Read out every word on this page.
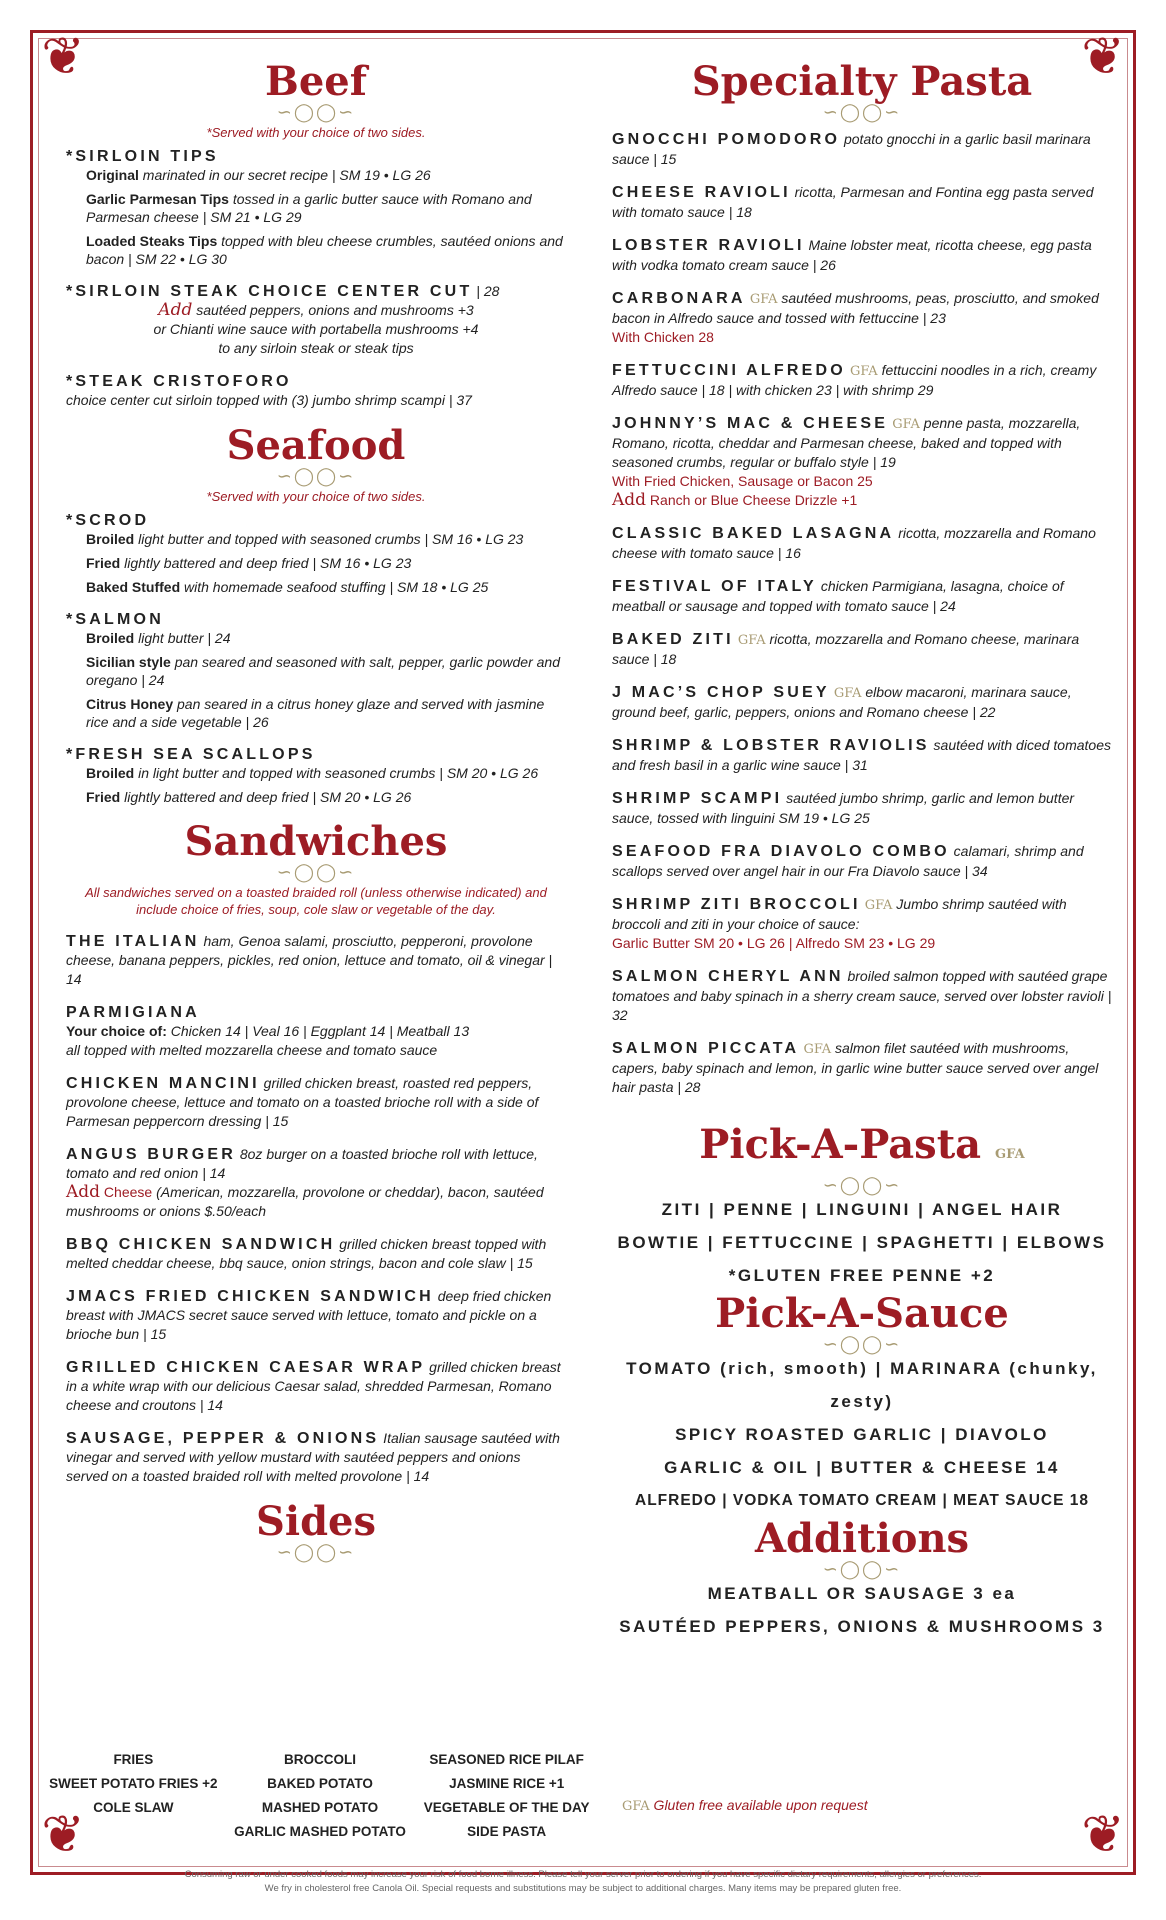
❦	❦
❦	❦
Beef
∽◯◯∽
*Served with your choice of two sides.
*SIRLOIN TIPS
Original marinated in our secret recipe | SM 19 • LG 26
Garlic Parmesan Tips tossed in a garlic butter sauce with Romano and Parmesan cheese | SM 21 • LG 29
Loaded Steaks Tips topped with bleu cheese crumbles, sautéed onions and bacon | SM 22 • LG 30
*SIRLOIN STEAK CHOICE CENTER CUT | 28
Add sautéed peppers, onions and mushrooms +3
or Chianti wine sauce with portabella mushrooms +4
to any sirloin steak or steak tips
*STEAK CRISTOFORO
choice center cut sirloin topped with (3) jumbo shrimp scampi | 37
Seafood
∽◯◯∽
*Served with your choice of two sides.
*SCROD
Broiled light butter and topped with seasoned crumbs | SM 16 • LG 23
Fried lightly battered and deep fried | SM 16 • LG 23
Baked Stuffed with homemade seafood stuffing | SM 18 • LG 25
*SALMON
Broiled light butter | 24
Sicilian style pan seared and seasoned with salt, pepper, garlic powder and oregano | 24
Citrus Honey pan seared in a citrus honey glaze and served with jasmine rice and a side vegetable | 26
*FRESH SEA SCALLOPS
Broiled in light butter and topped with seasoned crumbs | SM 20 • LG 26
Fried lightly battered and deep fried | SM 20 • LG 26
Sandwiches
∽◯◯∽
All sandwiches served on a toasted braided roll (unless otherwise indicated) and include choice of fries, soup, cole slaw or vegetable of the day.
THE ITALIAN ham, Genoa salami, prosciutto, pepperoni, provolone cheese, banana peppers, pickles, red onion, lettuce and tomato, oil & vinegar | 14
PARMIGIANA
Your choice of: Chicken 14 | Veal 16 | Eggplant 14 | Meatball 13
all topped with melted mozzarella cheese and tomato sauce
CHICKEN MANCINI grilled chicken breast, roasted red peppers, provolone cheese, lettuce and tomato on a toasted brioche roll with a side of Parmesan peppercorn dressing | 15
ANGUS BURGER 8oz burger on a toasted brioche roll with lettuce, tomato and red onion | 14
Add Cheese (American, mozzarella, provolone or cheddar), bacon, sautéed mushrooms or onions $.50/each
BBQ CHICKEN SANDWICH grilled chicken breast topped with melted cheddar cheese, bbq sauce, onion strings, bacon and cole slaw | 15
JMACS FRIED CHICKEN SANDWICH deep fried chicken breast with JMACS secret sauce served with lettuce, tomato and pickle on a brioche bun | 15
GRILLED CHICKEN CAESAR WRAP grilled chicken breast in a white wrap with our delicious Caesar salad, shredded Parmesan, Romano cheese and croutons | 14
SAUSAGE, PEPPER & ONIONS Italian sausage sautéed with vinegar and served with yellow mustard with sautéed peppers and onions served on a toasted braided roll with melted provolone | 14
Sides
∽◯◯∽
FRIES	BROCCOLI	SEASONED RICE PILAF
SWEET POTATO FRIES +2	BAKED POTATO	JASMINE RICE +1
COLE SLAW	MASHED POTATO	VEGETABLE OF THE DAY
GARLIC MASHED POTATO	SIDE PASTA
Specialty Pasta
∽◯◯∽
GNOCCHI POMODORO potato gnocchi in a garlic basil marinara sauce | 15
CHEESE RAVIOLI ricotta, Parmesan and Fontina egg pasta served with tomato sauce | 18
LOBSTER RAVIOLI Maine lobster meat, ricotta cheese, egg pasta with vodka tomato cream sauce | 26
CARBONARA GFA sautéed mushrooms, peas, prosciutto, and smoked bacon in Alfredo sauce and tossed with fettuccine | 23
With Chicken 28
FETTUCCINI ALFREDO GFA fettuccini noodles in a rich, creamy Alfredo sauce | 18 | with chicken 23 | with shrimp 29
JOHNNY’S MAC & CHEESE GFA penne pasta, mozzarella, Romano, ricotta, cheddar and Parmesan cheese, baked and topped with seasoned crumbs, regular or buffalo style | 19
With Fried Chicken, Sausage or Bacon 25
Add Ranch or Blue Cheese Drizzle +1
CLASSIC BAKED LASAGNA ricotta, mozzarella and Romano cheese with tomato sauce | 16
FESTIVAL OF ITALY chicken Parmigiana, lasagna, choice of meatball or sausage and topped with tomato sauce | 24
BAKED ZITI GFA ricotta, mozzarella and Romano cheese, marinara sauce | 18
J MAC’S CHOP SUEY GFA elbow macaroni, marinara sauce, ground beef, garlic, peppers, onions and Romano cheese | 22
SHRIMP & LOBSTER RAVIOLIS sautéed with diced tomatoes and fresh basil in a garlic wine sauce | 31
SHRIMP SCAMPI sautéed jumbo shrimp, garlic and lemon butter sauce, tossed with linguini SM 19 • LG 25
SEAFOOD FRA DIAVOLO COMBO calamari, shrimp and scallops served over angel hair in our Fra Diavolo sauce | 34
SHRIMP ZITI BROCCOLI GFA Jumbo shrimp sautéed with broccoli and ziti in your choice of sauce:
Garlic Butter SM 20 • LG 26 | Alfredo SM 23 • LG 29
SALMON CHERYL ANN broiled salmon topped with sautéed grape tomatoes and baby spinach in a sherry cream sauce, served over lobster ravioli | 32
SALMON PICCATA GFA salmon filet sautéed with mushrooms, capers, baby spinach and lemon, in garlic wine butter sauce served over angel hair pasta | 28
Pick-A-Pasta GFA
∽◯◯∽
ZITI | PENNE | LINGUINI | ANGEL HAIR
BOWTIE | FETTUCCINE | SPAGHETTI | ELBOWS
*GLUTEN FREE PENNE +2
Pick-A-Sauce
∽◯◯∽
TOMATO (rich, smooth) | MARINARA (chunky, zesty)
SPICY ROASTED GARLIC | DIAVOLO
GARLIC & OIL | BUTTER & CHEESE 14
ALFREDO | VODKA TOMATO CREAM | MEAT SAUCE 18
Additions
∽◯◯∽
MEATBALL OR SAUSAGE 3 ea
SAUTÉED PEPPERS, ONIONS & MUSHROOMS 3
GFA Gluten free available upon request
Consuming raw or under cooked foods may increase your risk of food borne illness. Please tell your server prior to ordering if you have specific dietary requirements, allergies or preferences.
We fry in cholesterol free Canola Oil. Special requests and substitutions may be subject to additional charges. Many items may be prepared gluten free.
